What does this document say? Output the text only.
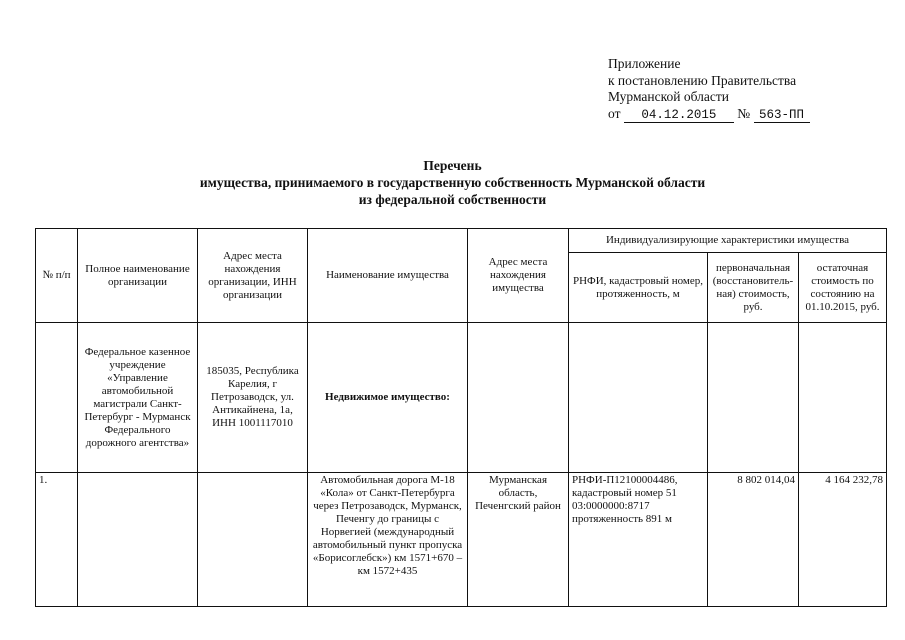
Приложение
к постановлению Правительства
Мурманской области
от 04.12.2015 № 563-ПП
Перечень
имущества, принимаемого в государственную собственность Мурманской области
из федеральной собственности
№ п/п	Полное наименование организации	Адрес места нахождения организации, ИНН организации	Наименование имущества	Адрес места нахождения имущества	Индивидуализирующие характеристики имущества		
					РНФИ, кадастровый номер, протяженность, м	первоначальная (восстановитель-ная) стоимость, руб.	остаточная стоимость по состоянию на 01.10.2015, руб.
	Федеральное казенное учреждение «Управление автомобильной магистрали Санкт-Петербург - Мурманск Федерального дорожного агентства»	185035, Республика Карелия, г Петрозаводск, ул. Антикайнена, 1а, ИНН 1001117010	Недвижимое имущество:				
1.			Автомобильная дорога М-18 «Кола» от Санкт-Петербурга через Петрозаводск, Мурманск, Печенгу до границы с Норвегией (международный автомобильный пункт пропуска «Борисоглебск») км 1571+670 – км 1572+435	Мурманская область, Печенгский район	РНФИ-П12100004486, кадастровый номер 51 03:0000000:8717 протяженность 891 м	8 802 014,04	4 164 232,78
